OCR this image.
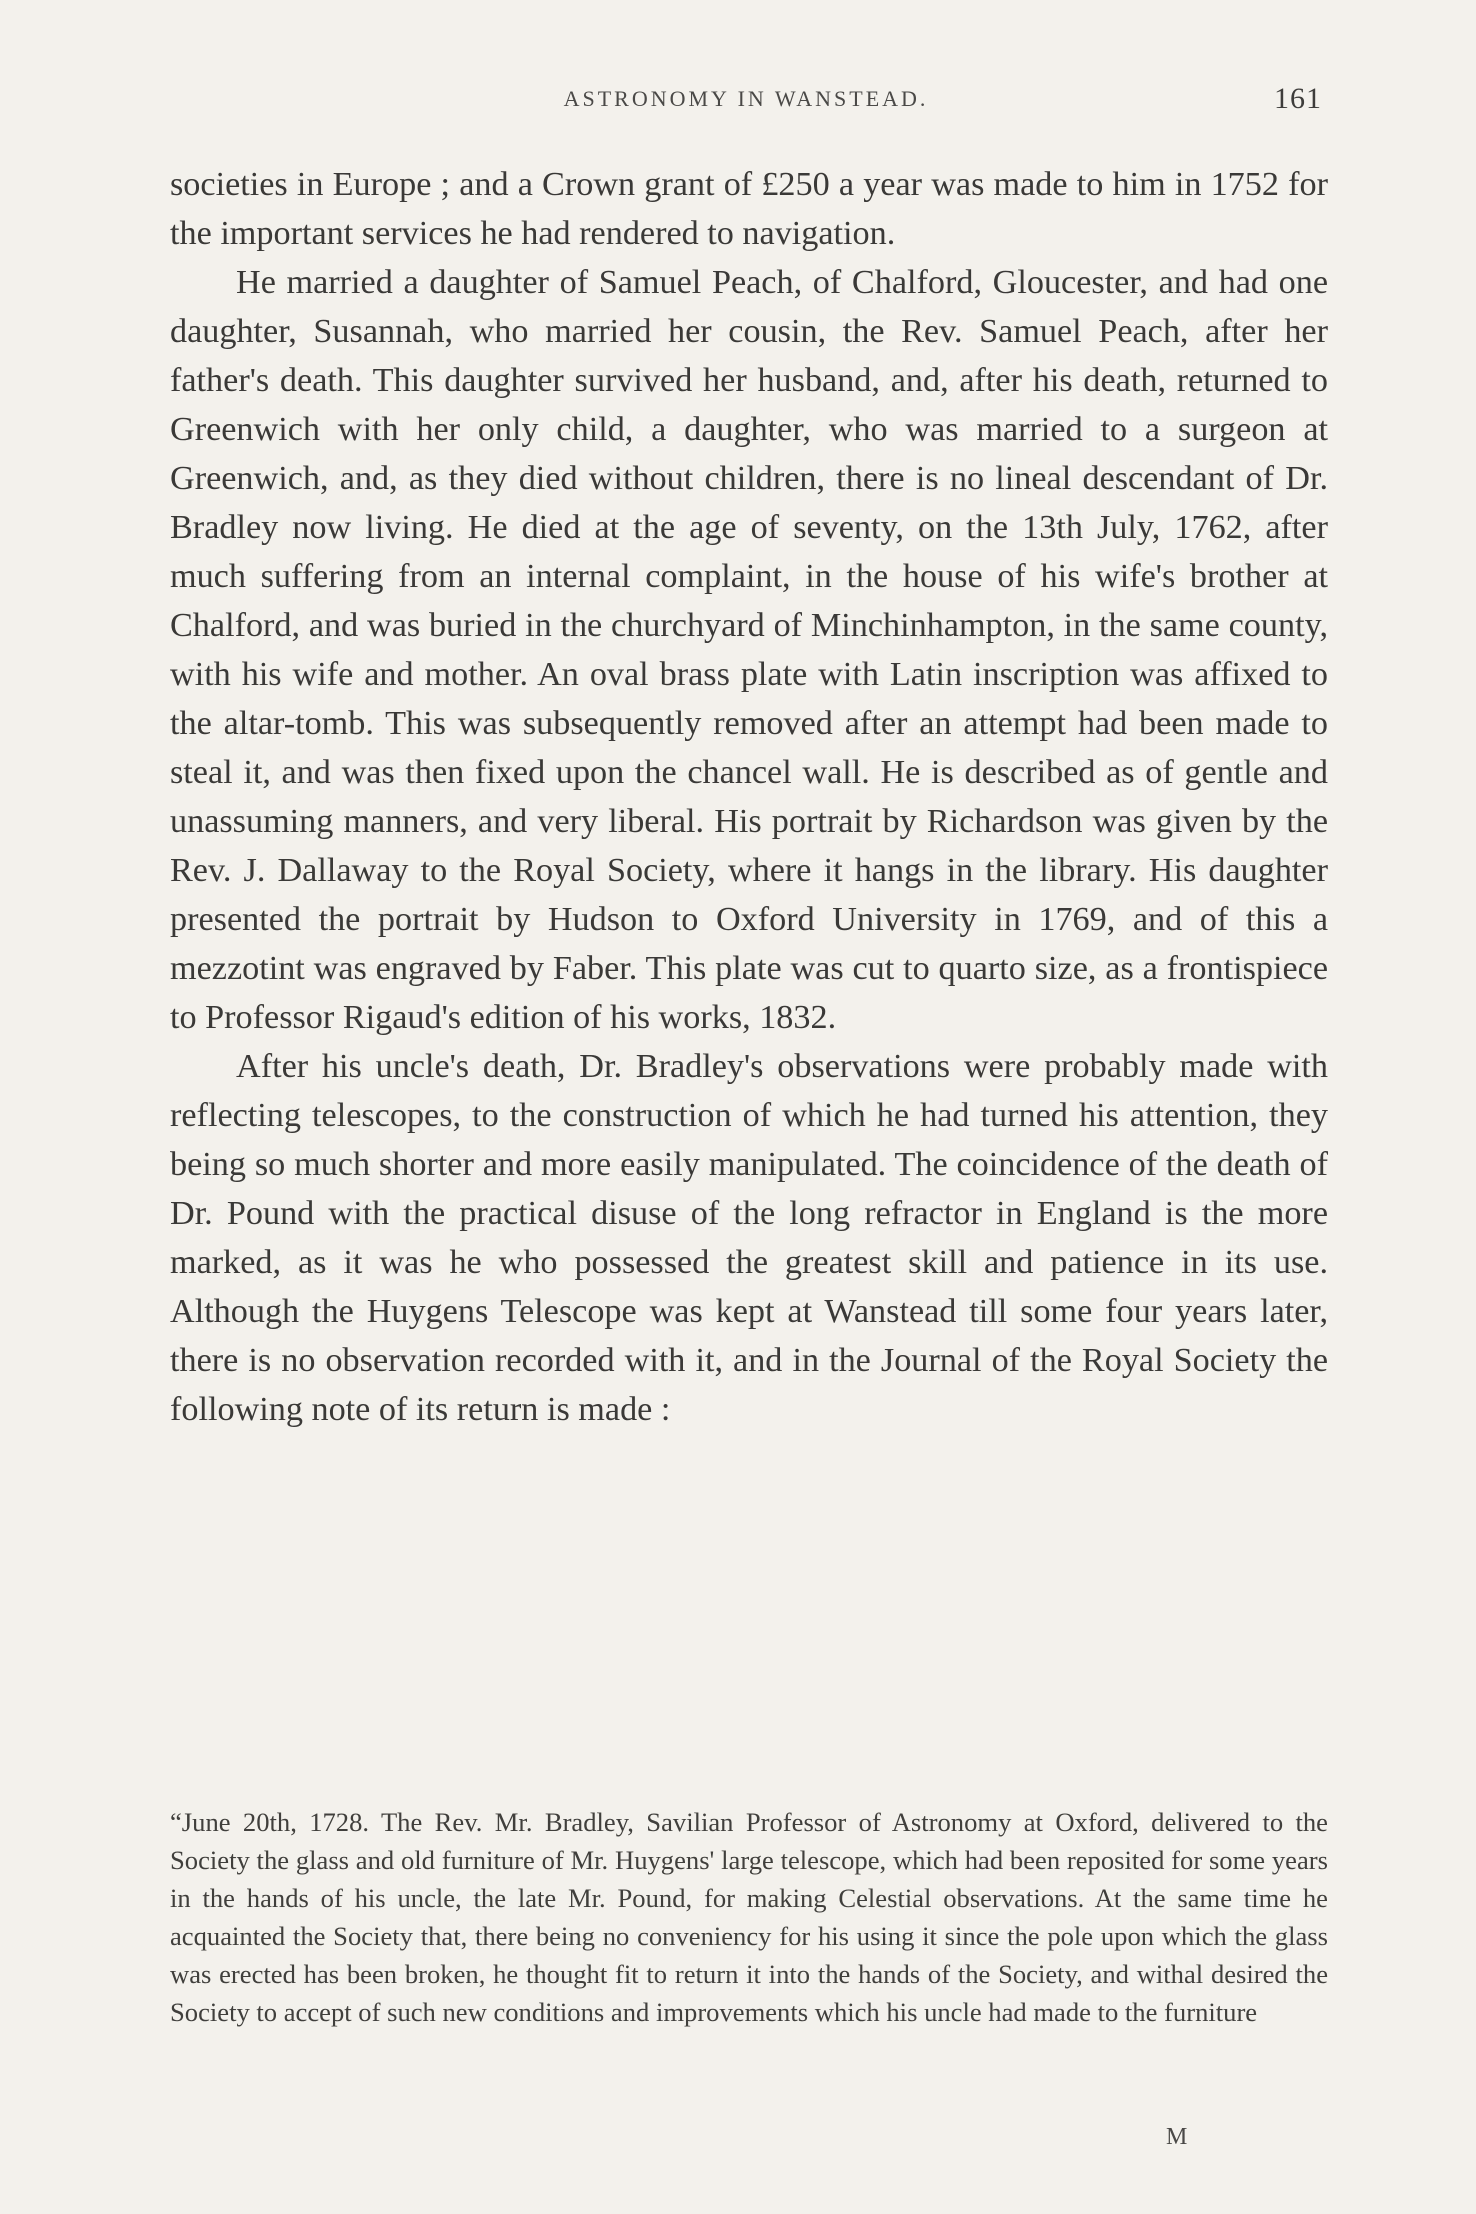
ASTRONOMY IN WANSTEAD.	161

societies in Europe ; and a Crown grant of £250 a year was made to him in 1752 for the important services he had rendered to navigation.

He married a daughter of Samuel Peach, of Chalford, Gloucester, and had one daughter, Susannah, who married her cousin, the Rev. Samuel Peach, after her father's death. This daughter survived her husband, and, after his death, returned to Greenwich with her only child, a daughter, who was married to a surgeon at Greenwich, and, as they died without children, there is no lineal descendant of Dr. Bradley now living. He died at the age of seventy, on the 13th July, 1762, after much suffering from an internal complaint, in the house of his wife's brother at Chalford, and was buried in the churchyard of Minchinhampton, in the same county, with his wife and mother. An oval brass plate with Latin inscription was affixed to the altar-tomb. This was subsequently removed after an attempt had been made to steal it, and was then fixed upon the chancel wall. He is described as of gentle and unassuming manners, and very liberal. His portrait by Richardson was given by the Rev. J. Dallaway to the Royal Society, where it hangs in the library. His daughter presented the portrait by Hudson to Oxford University in 1769, and of this a mezzotint was engraved by Faber. This plate was cut to quarto size, as a frontispiece to Professor Rigaud's edition of his works, 1832.

After his uncle's death, Dr. Bradley's observations were probably made with reflecting telescopes, to the construction of which he had turned his attention, they being so much shorter and more easily manipulated. The coincidence of the death of Dr. Pound with the practical disuse of the long refractor in England is the more marked, as it was he who possessed the greatest skill and patience in its use. Although the Huygens Telescope was kept at Wanstead till some four years later, there is no observation recorded with it, and in the Journal of the Royal Society the following note of its return is made :

“June 20th, 1728. The Rev. Mr. Bradley, Savilian Professor of Astronomy at Oxford, delivered to the Society the glass and old furniture of Mr. Huygens' large telescope, which had been reposited for some years in the hands of his uncle, the late Mr. Pound, for making Celestial observations. At the same time he acquainted the Society that, there being no conveniency for his using it since the pole upon which the glass was erected has been broken, he thought fit to return it into the hands of the Society, and withal desired the Society to accept of such new conditions and improvements which his uncle had made to the furniture

M
